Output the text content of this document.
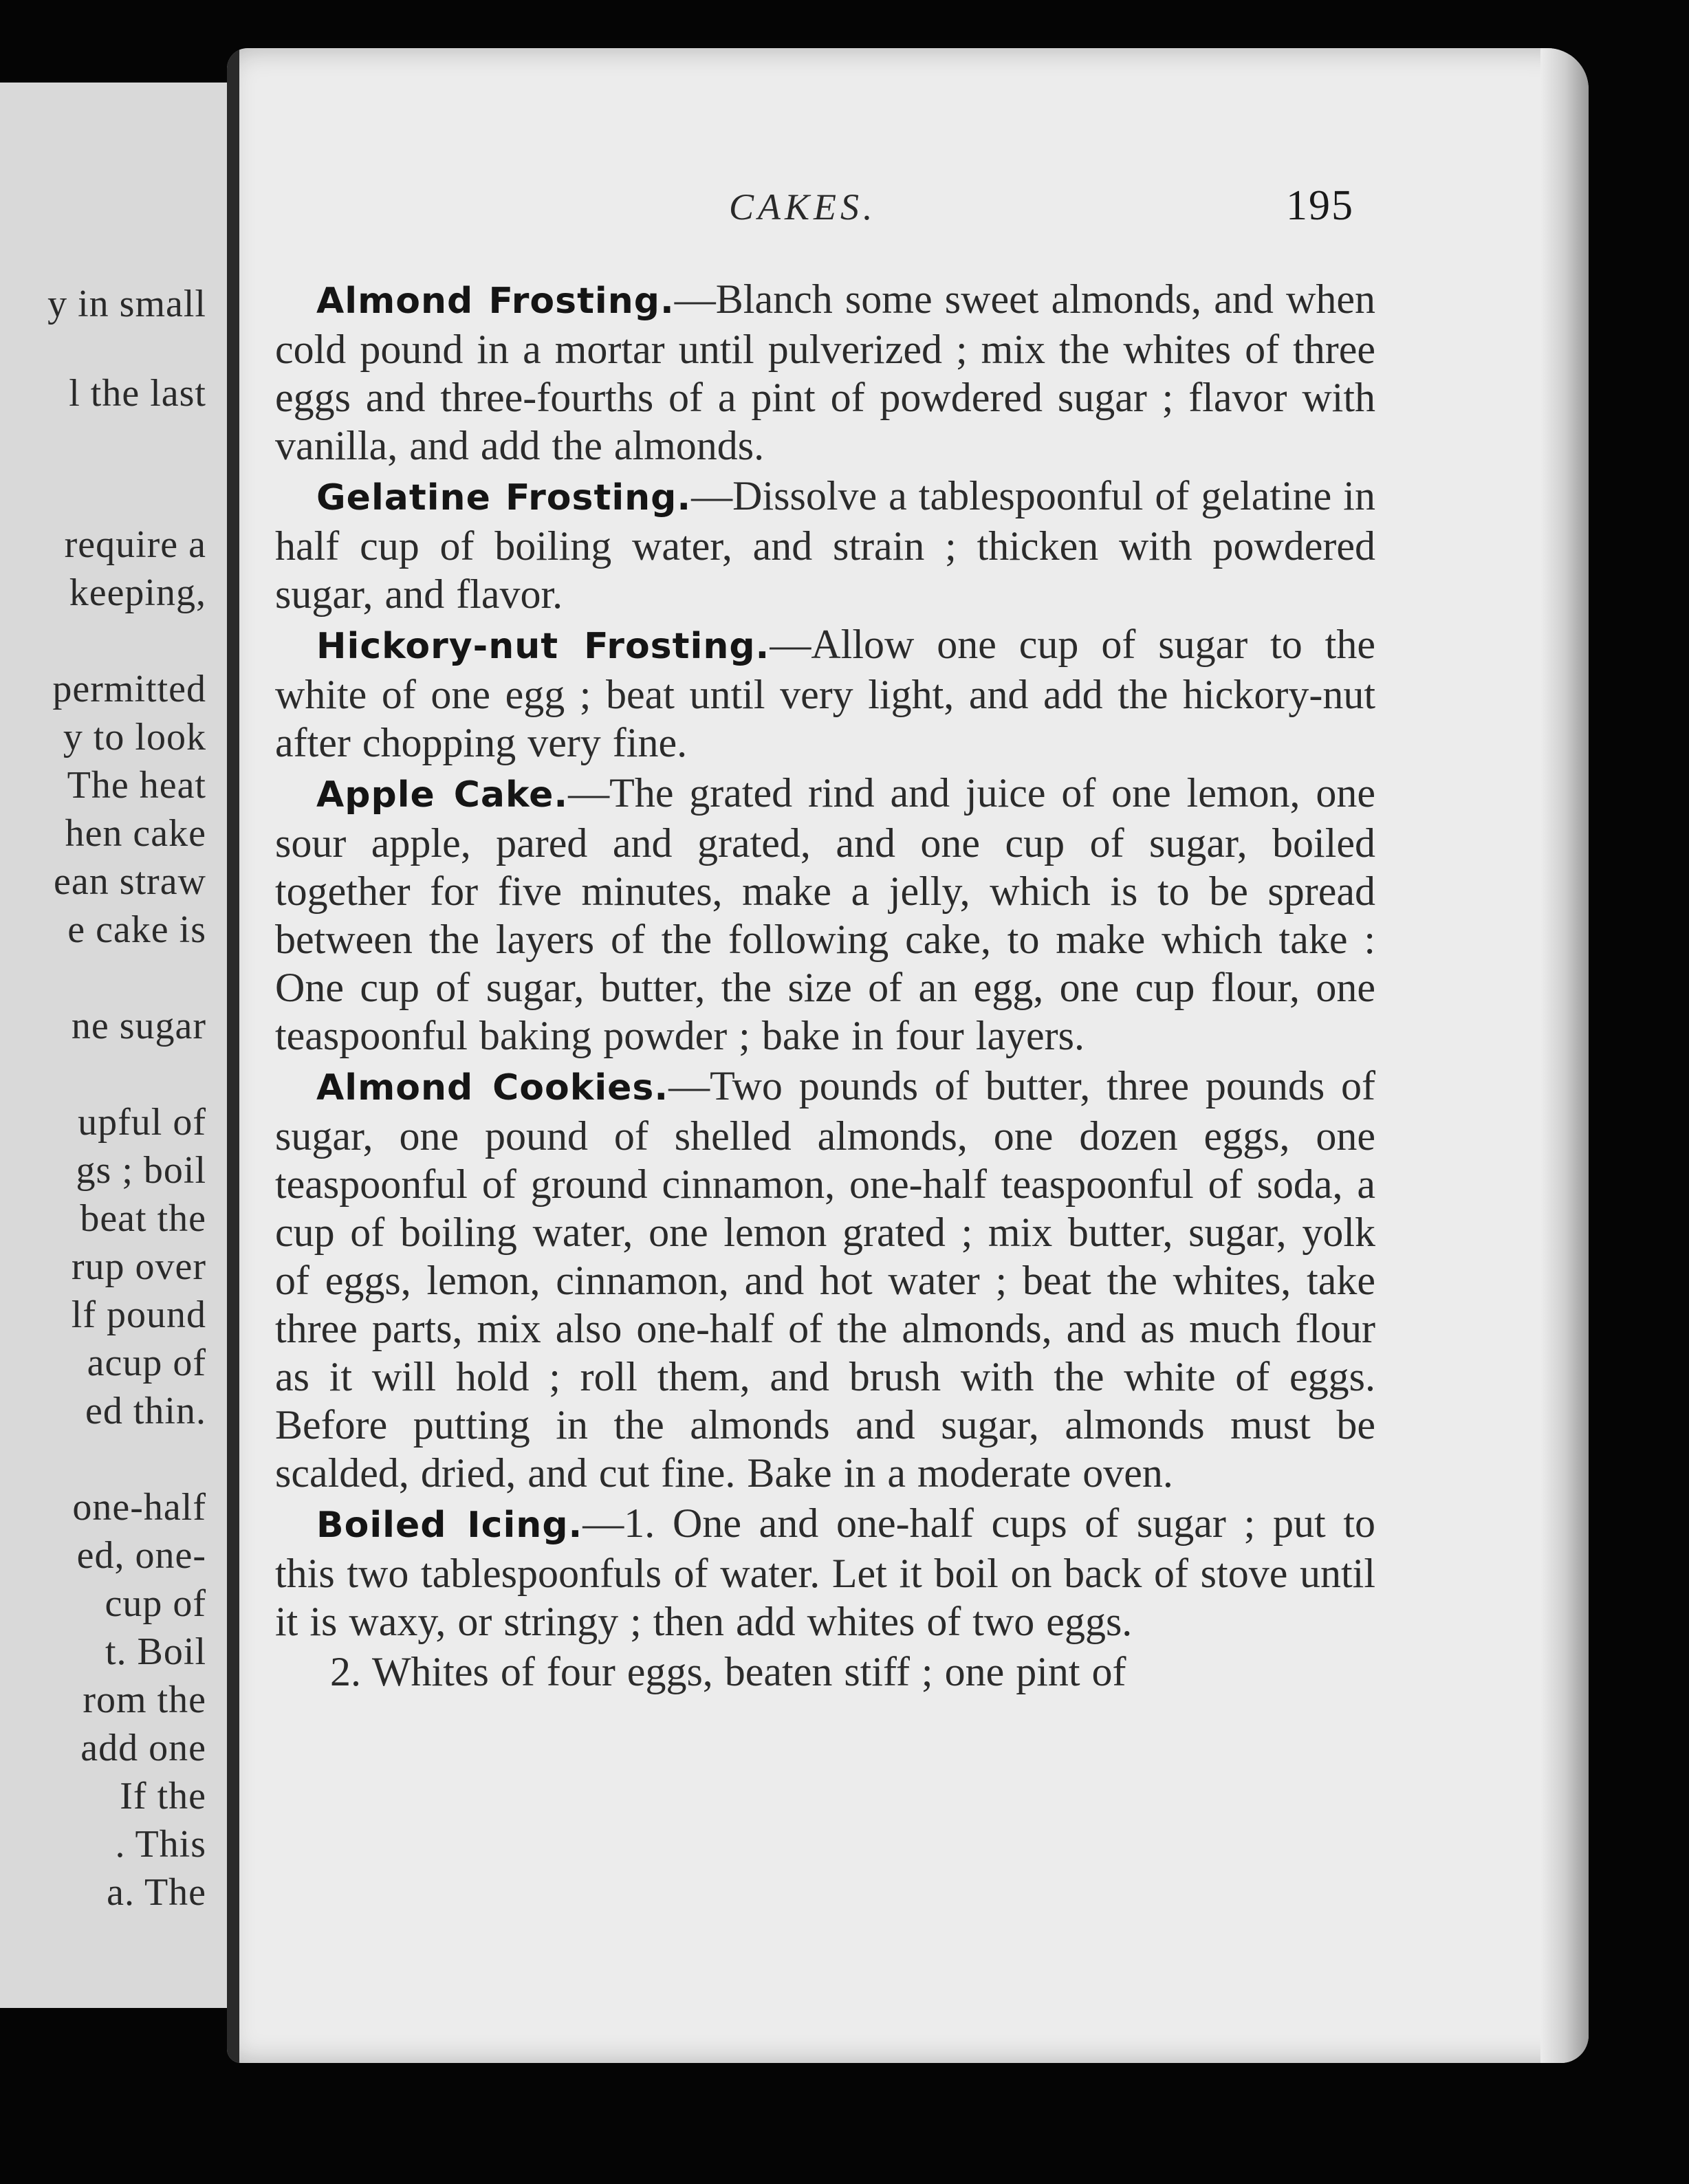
y in small
l the last
require a
keeping,
permitted
y to look
The heat
hen cake
ean straw
e cake is
ne sugar
upful of
gs ; boil
beat the
rup over
lf pound
acup of
ed thin.
one-half
ed, one-
cup of
t. Boil
rom the
add one
If the
. This
a. The
CAKES.	195

Almond Frosting.—Blanch some sweet almonds, and when cold pound in a mortar until pulverized ; mix the whites of three eggs and three-fourths of a pint of powdered sugar ; flavor with vanilla, and add the almonds.

Gelatine Frosting.—Dissolve a tablespoonful of gelatine in half cup of boiling water, and strain ; thicken with powdered sugar, and flavor.

Hickory-nut Frosting.—Allow one cup of sugar to the white of one egg ; beat until very light, and add the hickory-nut after chopping very fine.

Apple Cake.—The grated rind and juice of one lemon, one sour apple, pared and grated, and one cup of sugar, boiled together for five minutes, make a jelly, which is to be spread between the layers of the following cake, to make which take : One cup of sugar, butter, the size of an egg, one cup flour, one teaspoonful baking powder ; bake in four layers.

Almond Cookies.—Two pounds of butter, three pounds of sugar, one pound of shelled almonds, one dozen eggs, one teaspoonful of ground cinnamon, one-half teaspoonful of soda, a cup of boiling water, one lemon grated ; mix butter, sugar, yolk of eggs, lemon, cinnamon, and hot water ; beat the whites, take three parts, mix also one-half of the almonds, and as much flour as it will hold ; roll them, and brush with the white of eggs. Before putting in the almonds and sugar, almonds must be scalded, dried, and cut fine. Bake in a moderate oven.

Boiled Icing.—1. One and one-half cups of sugar ; put to this two tablespoonfuls of water. Let it boil on back of stove until it is waxy, or stringy ; then add whites of two eggs.

2. Whites of four eggs, beaten stiff ; one pint of
